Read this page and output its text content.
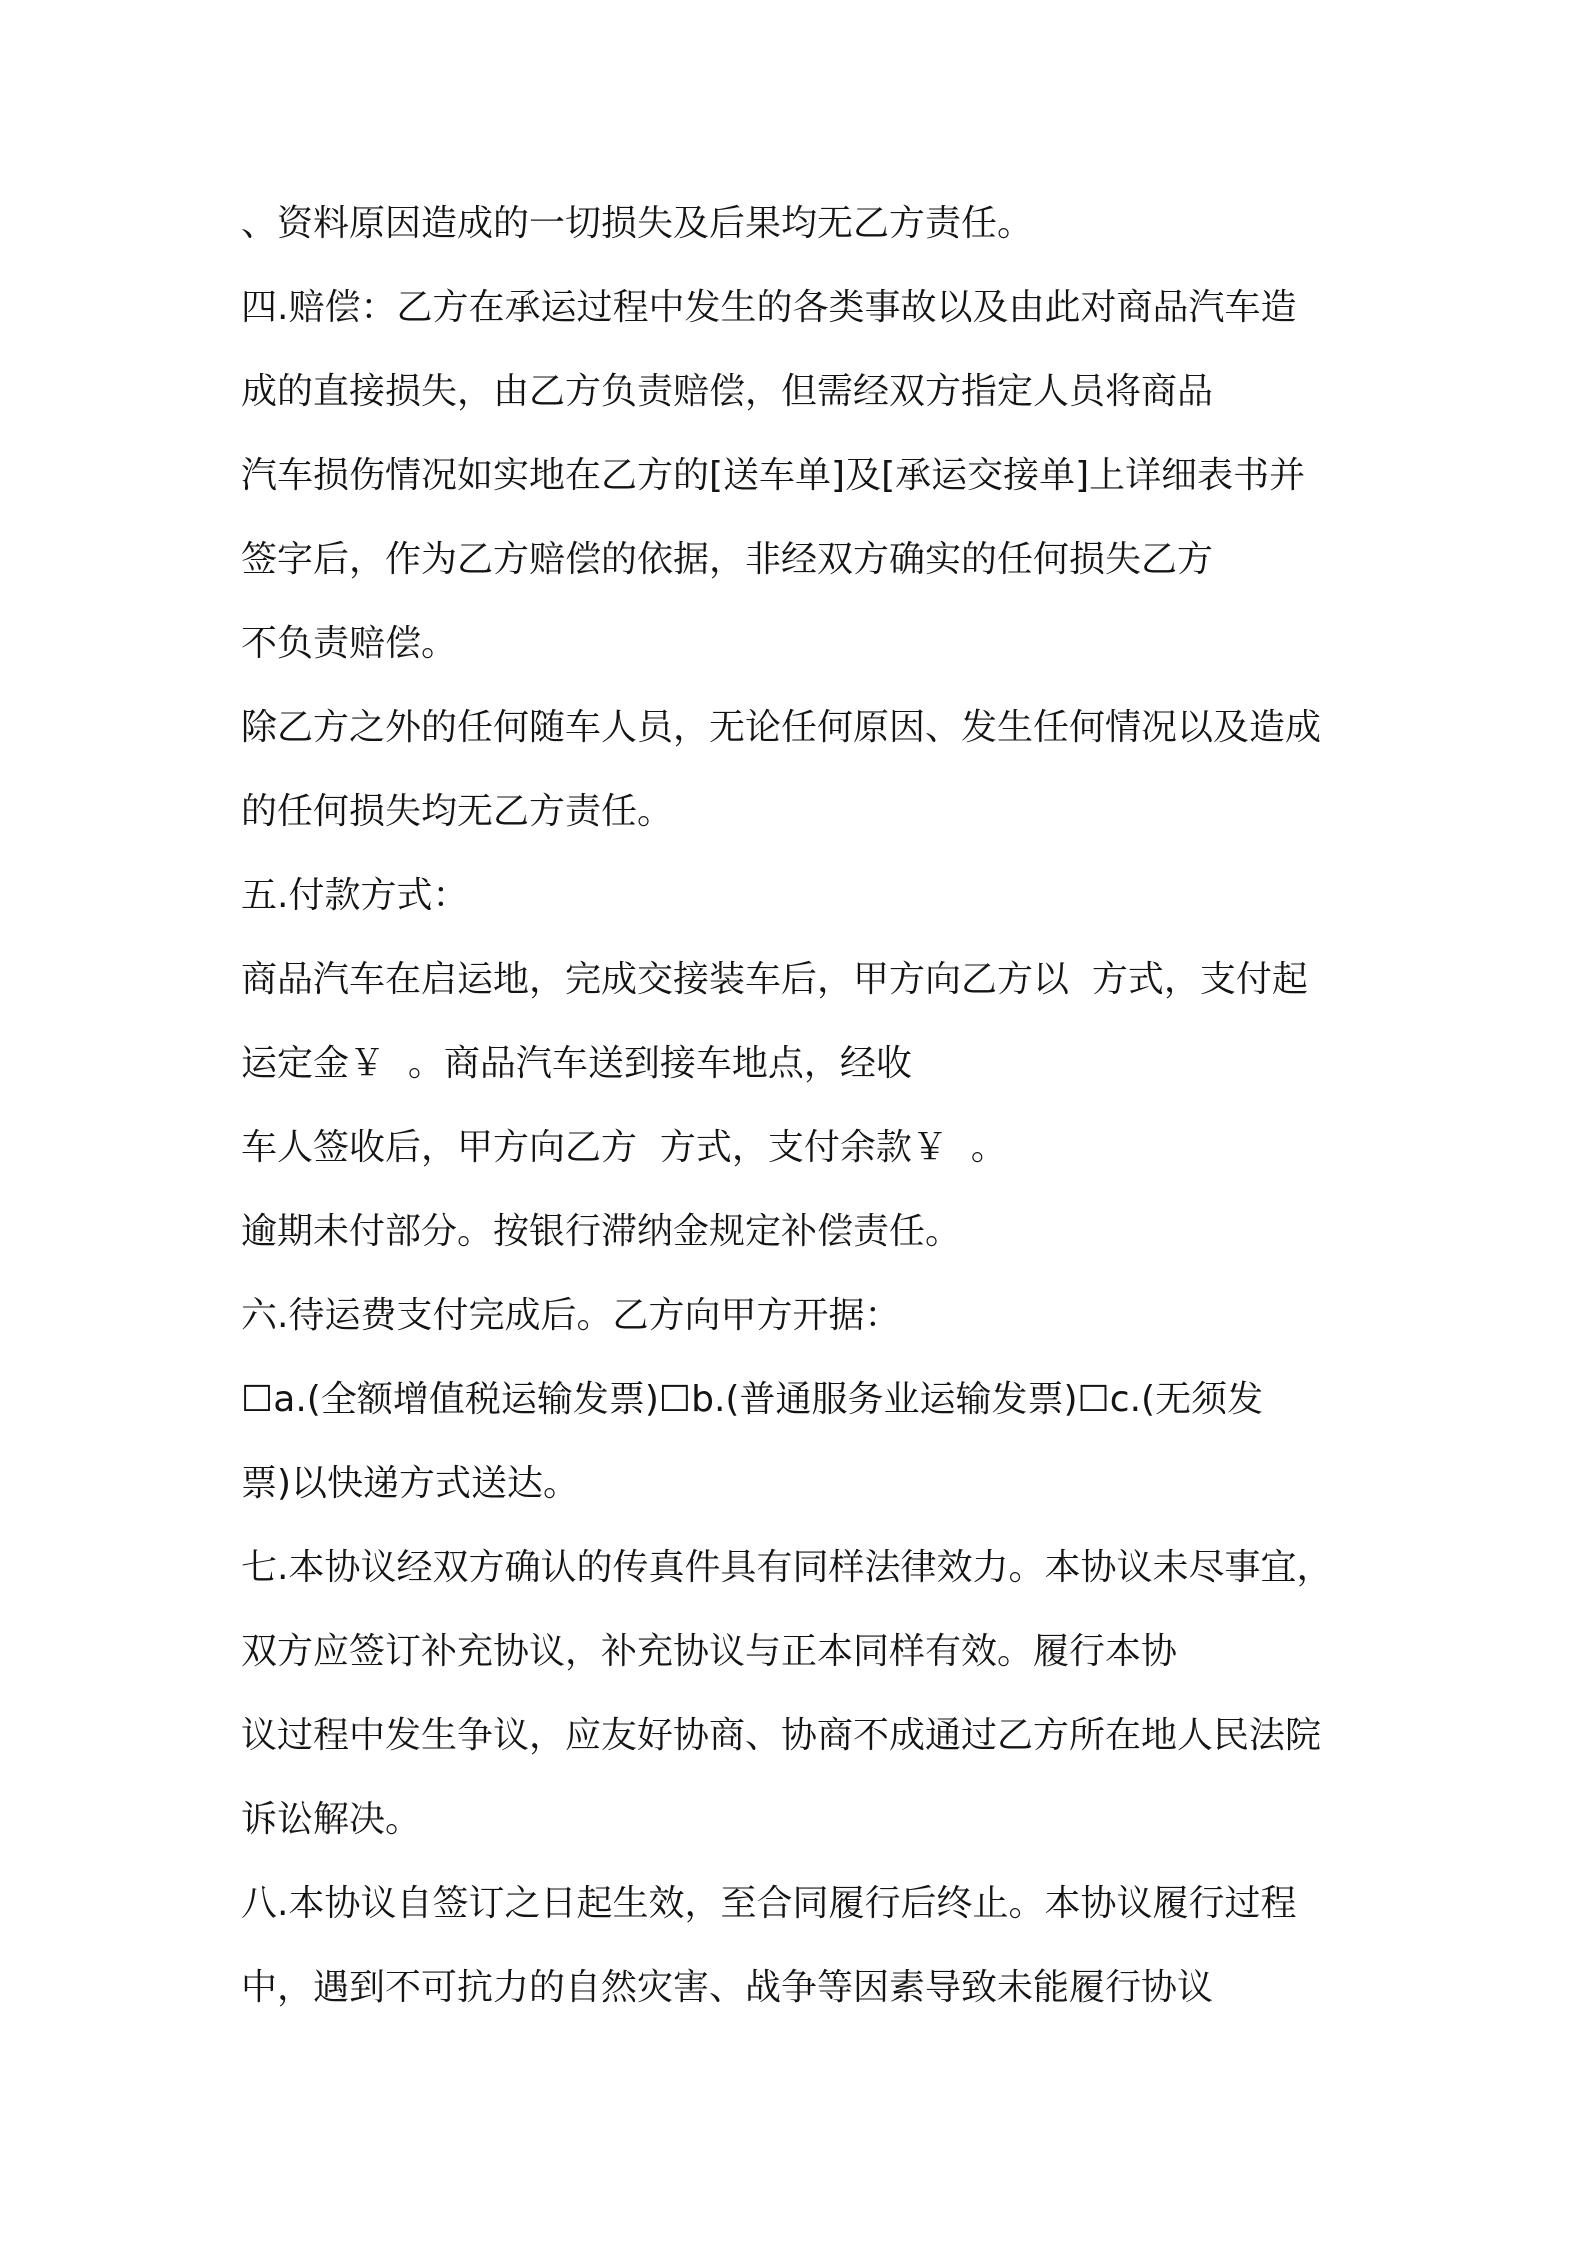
、资料原因造成的一切损失及后果均无乙方责任。
四.赔偿：乙方在承运过程中发生的各类事故以及由此对商品汽车造
成的直接损失，由乙方负责赔偿，但需经双方指定人员将商品
汽车损伤情况如实地在乙方的[送车单]及[承运交接单]上详细表书并
签字后，作为乙方赔偿的依据，非经双方确实的任何损失乙方
不负责赔偿。
除乙方之外的任何随车人员，无论任何原因、发生任何情况以及造成
的任何损失均无乙方责任。
五.付款方式：
商品汽车在启运地，完成交接装车后，甲方向乙方以  方式，支付起
运定金￥  。商品汽车送到接车地点，经收
车人签收后，甲方向乙方  方式，支付余款￥  。
逾期未付部分。按银行滞纳金规定补偿责任。
六.待运费支付完成后。乙方向甲方开据：
☐a.(全额增值税运输发票)☐b.(普通服务业运输发票)☐c.(无须发
票)以快递方式送达。
七.本协议经双方确认的传真件具有同样法律效力。本协议未尽事宜，
双方应签订补充协议，补充协议与正本同样有效。履行本协
议过程中发生争议，应友好协商、协商不成通过乙方所在地人民法院
诉讼解决。
八.本协议自签订之日起生效，至合同履行后终止。本协议履行过程
中，遇到不可抗力的自然灾害、战争等因素导致未能履行协议
